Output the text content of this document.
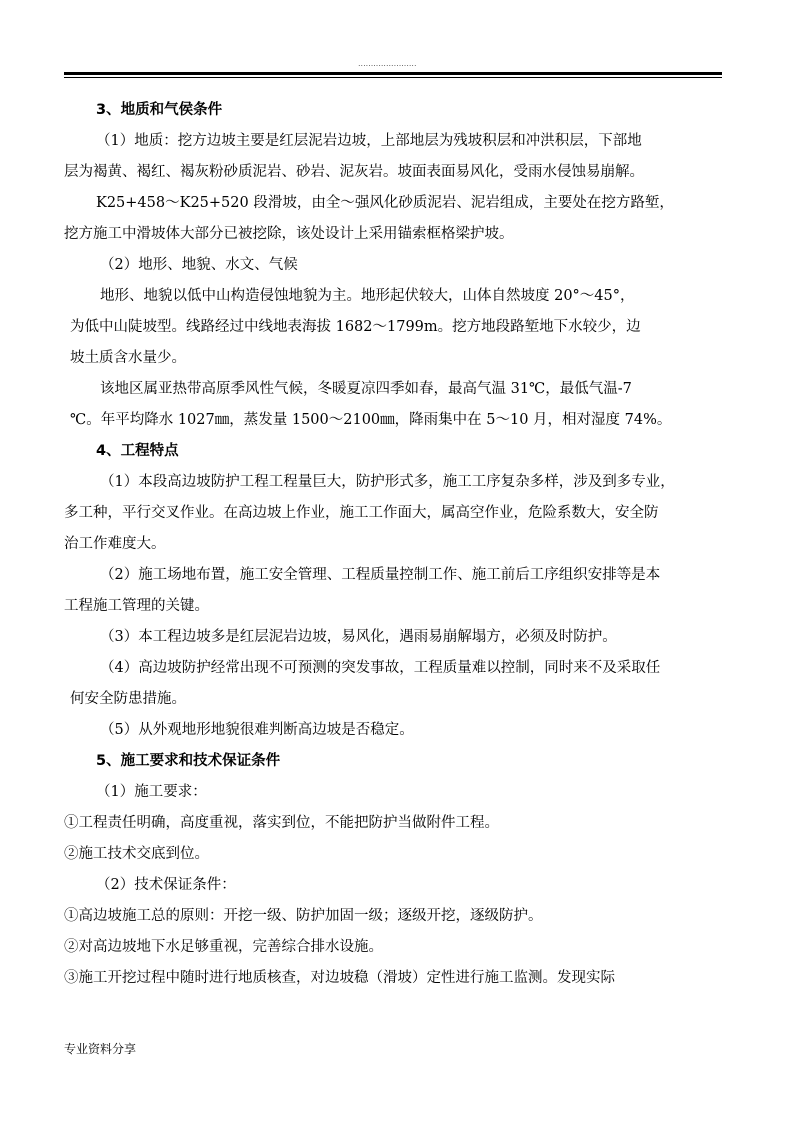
.......................

3、地质和气侯条件

（1）地质：挖方边坡主要是红层泥岩边坡，上部地层为残坡积层和冲洪积层，下部地

层为褐黄、褐红、褐灰粉砂质泥岩、砂岩、泥灰岩。坡面表面易风化，受雨水侵蚀易崩解。

K25+458～K25+520 段滑坡，由全～强风化砂质泥岩、泥岩组成，主要处在挖方路堑，

挖方施工中滑坡体大部分已被挖除，该处设计上采用锚索框格梁护坡。

（2）地形、地貌、水文、气候

地形、地貌以低中山构造侵蚀地貌为主。地形起伏较大，山体自然坡度 20°～45°，

为低中山陡坡型。线路经过中线地表海拔 1682～1799m。挖方地段路堑地下水较少，边

坡土质含水量少。

该地区属亚热带高原季风性气候，冬暖夏凉四季如春，最高气温 31℃，最低气温-7

℃。年平均降水 1027㎜，蒸发量 1500～2100㎜，降雨集中在 5～10 月，相对湿度 74%。

4、工程特点

（1）本段高边坡防护工程工程量巨大，防护形式多，施工工序复杂多样，涉及到多专业，

多工种，平行交叉作业。在高边坡上作业，施工工作面大，属高空作业，危险系数大，安全防

治工作难度大。

（2）施工场地布置，施工安全管理、工程质量控制工作、施工前后工序组织安排等是本

工程施工管理的关键。

（3）本工程边坡多是红层泥岩边坡，易风化，遇雨易崩解塌方，必须及时防护。

（4）高边坡防护经常出现不可预测的突发事故，工程质量难以控制，同时来不及采取任

何安全防患措施。

（5）从外观地形地貌很难判断高边坡是否稳定。

5、施工要求和技术保证条件

（1）施工要求：

①工程责任明确，高度重视，落实到位，不能把防护当做附件工程。

②施工技术交底到位。

（2）技术保证条件：

①高边坡施工总的原则：开挖一级、防护加固一级；逐级开挖，逐级防护。

②对高边坡地下水足够重视，完善综合排水设施。

③施工开挖过程中随时进行地质核查，对边坡稳（滑坡）定性进行施工监测。发现实际

专业资料分享
